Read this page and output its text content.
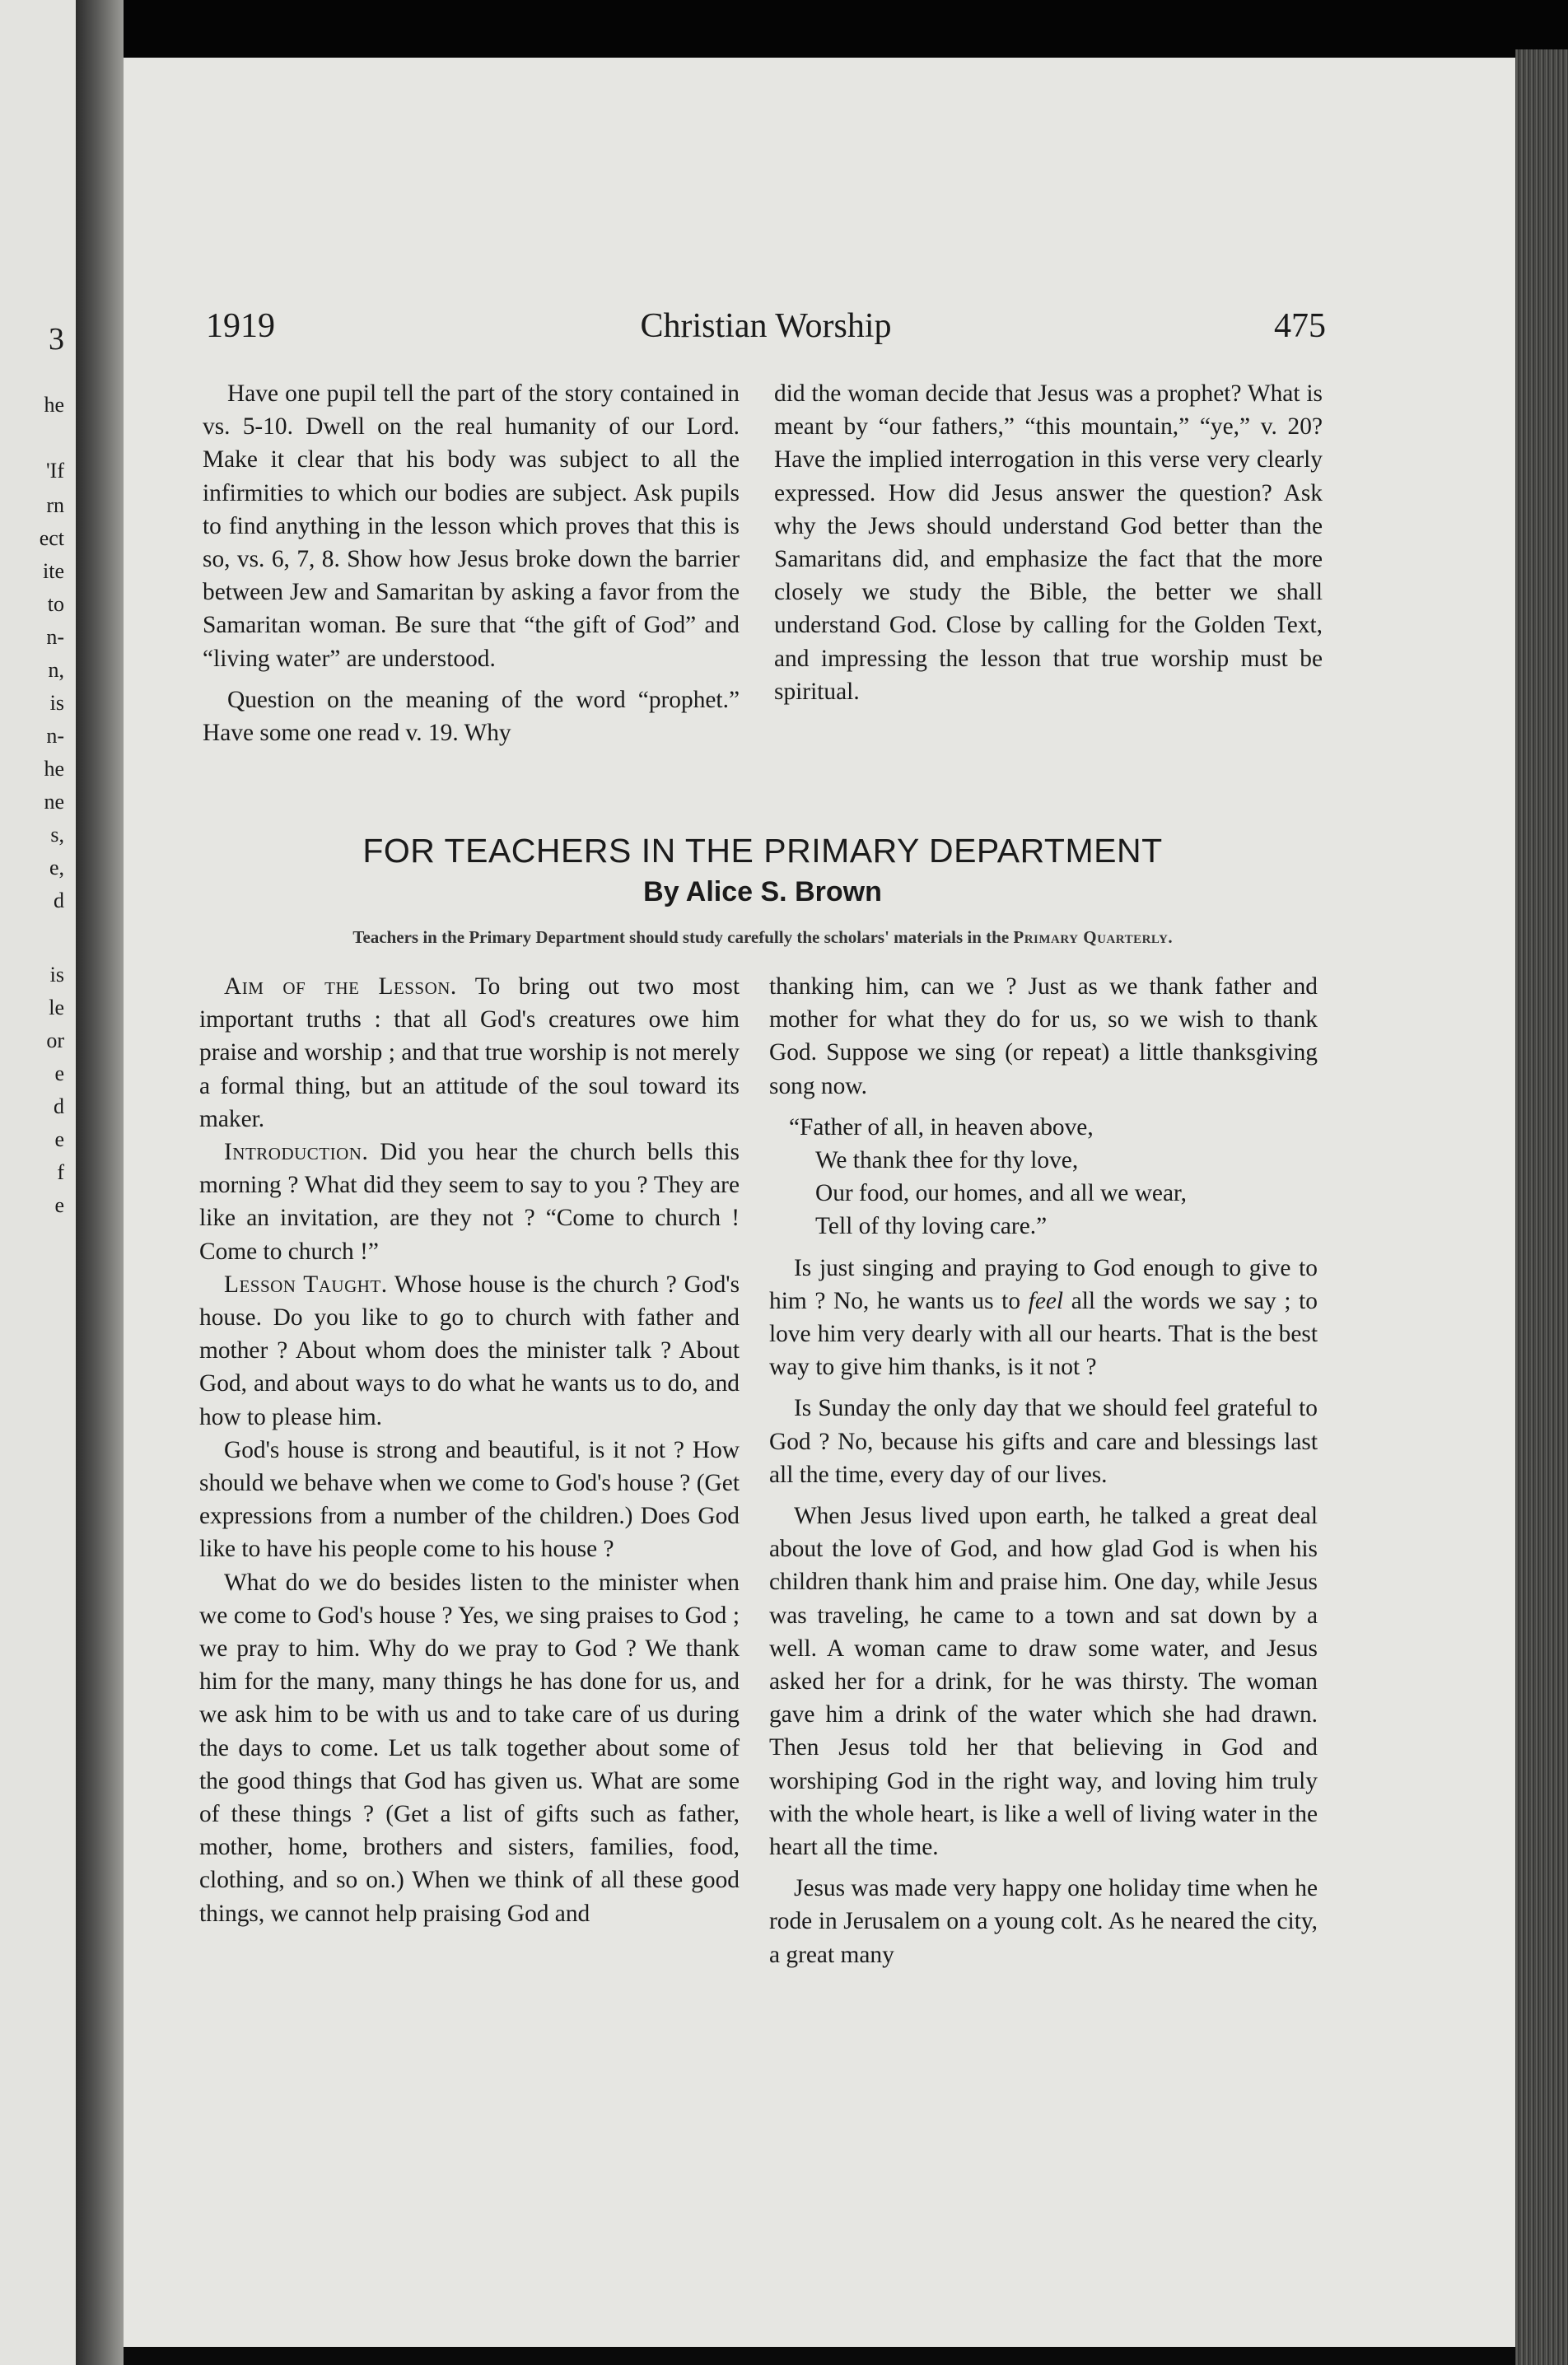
3
he
'If
rn
ect
ite
to
n-
n,
is
n-
he
ne
s,
e,
d
is
le
or
e
d
e
f
e
Christian Worship
1919	475

Have one pupil tell the part of the story contained in vs. 5-10. Dwell on the real humanity of our Lord. Make it clear that his body was subject to all the infirmities to which our bodies are subject. Ask pupils to find anything in the lesson which proves that this is so, vs. 6, 7, 8. Show how Jesus broke down the barrier between Jew and Samaritan by asking a favor from the Samaritan woman. Be sure that “the gift of God” and “living water” are understood.

Question on the meaning of the word “prophet.” Have some one read v. 19. Why

did the woman decide that Jesus was a prophet? What is meant by “our fathers,” “this mountain,” “ye,” v. 20? Have the implied interrogation in this verse very clearly expressed. How did Jesus answer the question? Ask why the Jews should understand God better than the Samaritans did, and emphasize the fact that the more closely we study the Bible, the better we shall understand God. Close by calling for the Golden Text, and impressing the lesson that true worship must be spiritual.

FOR TEACHERS IN THE PRIMARY DEPARTMENT
By Alice S. Brown
Teachers in the Primary Department should study carefully the scholars' materials in the Primary Quarterly.

Aim of the Lesson. To bring out two most important truths : that all God's creatures owe him praise and worship ; and that true worship is not merely a formal thing, but an attitude of the soul toward its maker.

Introduction. Did you hear the church bells this morning ? What did they seem to say to you ? They are like an invitation, are they not ? “Come to church ! Come to church !”

Lesson Taught. Whose house is the church ? God's house. Do you like to go to church with father and mother ? About whom does the minister talk ? About God, and about ways to do what he wants us to do, and how to please him.

God's house is strong and beautiful, is it not ? How should we behave when we come to God's house ? (Get expressions from a number of the children.) Does God like to have his people come to his house ?

What do we do besides listen to the minister when we come to God's house ? Yes, we sing praises to God ; we pray to him. Why do we pray to God ? We thank him for the many, many things he has done for us, and we ask him to be with us and to take care of us during the days to come. Let us talk together about some of the good things that God has given us. What are some of these things ? (Get a list of gifts such as father, mother, home, brothers and sisters, families, food, clothing, and so on.) When we think of all these good things, we cannot help praising God and

thanking him, can we ? Just as we thank father and mother for what they do for us, so we wish to thank God. Suppose we sing (or repeat) a little thanksgiving song now.

“Father of all, in heaven above,

We thank thee for thy love,

Our food, our homes, and all we wear,

Tell of thy loving care.”

Is just singing and praying to God enough to give to him ? No, he wants us to feel all the words we say ; to love him very dearly with all our hearts. That is the best way to give him thanks, is it not ?

Is Sunday the only day that we should feel grateful to God ? No, because his gifts and care and blessings last all the time, every day of our lives.

When Jesus lived upon earth, he talked a great deal about the love of God, and how glad God is when his children thank him and praise him. One day, while Jesus was traveling, he came to a town and sat down by a well. A woman came to draw some water, and Jesus asked her for a drink, for he was thirsty. The woman gave him a drink of the water which she had drawn. Then Jesus told her that believing in God and worshiping God in the right way, and loving him truly with the whole heart, is like a well of living water in the heart all the time.

Jesus was made very happy one holiday time when he rode in Jerusalem on a young colt. As he neared the city, a great many
